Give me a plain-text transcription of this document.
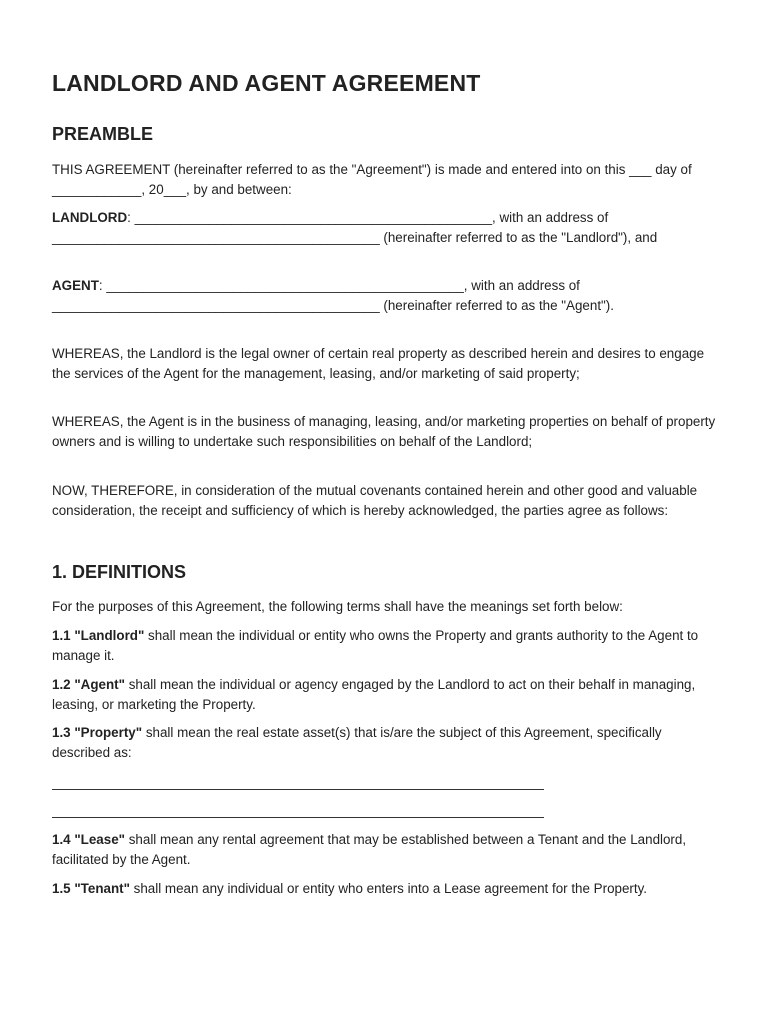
LANDLORD AND AGENT AGREEMENT
PREAMBLE

THIS AGREEMENT (hereinafter referred to as the "Agreement") is made and entered into on this ___ day of ____________, 20___, by and between:

LANDLORD: ________________________________________________, with an address of ____________________________________________ (hereinafter referred to as the "Landlord"), and

AGENT: ________________________________________________, with an address of ____________________________________________ (hereinafter referred to as the "Agent").

WHEREAS, the Landlord is the legal owner of certain real property as described herein and desires to engage the services of the Agent for the management, leasing, and/or marketing of said property;

WHEREAS, the Agent is in the business of managing, leasing, and/or marketing properties on behalf of property owners and is willing to undertake such responsibilities on behalf of the Landlord;

NOW, THEREFORE, in consideration of the mutual covenants contained herein and other good and valuable consideration, the receipt and sufficiency of which is hereby acknowledged, the parties agree as follows:

1. DEFINITIONS

For the purposes of this Agreement, the following terms shall have the meanings set forth below:

1.1 "Landlord" shall mean the individual or entity who owns the Property and grants authority to the Agent to manage it.

1.2 "Agent" shall mean the individual or agency engaged by the Landlord to act on their behalf in managing, leasing, or marketing the Property.

1.3 "Property" shall mean the real estate asset(s) that is/are the subject of this Agreement, specifically described as:

1.4 "Lease" shall mean any rental agreement that may be established between a Tenant and the Landlord, facilitated by the Agent.

1.5 "Tenant" shall mean any individual or entity who enters into a Lease agreement for the Property.
